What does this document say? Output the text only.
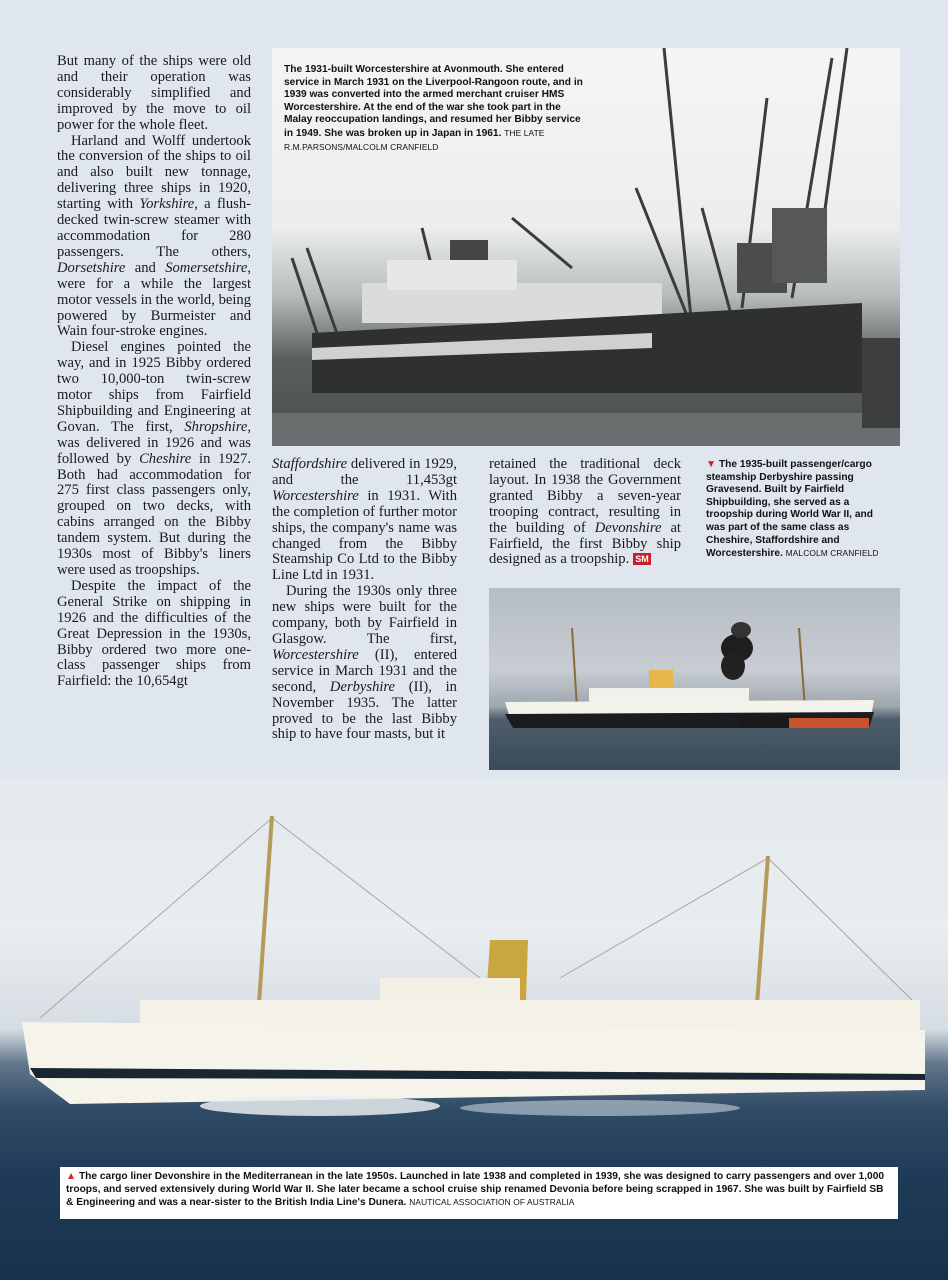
But many of the ships were old and their operation was considerably simplified and improved by the move to oil power for the whole fleet.

Harland and Wolff undertook the conversion of the ships to oil and also built new tonnage, delivering three ships in 1920, starting with Yorkshire, a flush-decked twin-screw steamer with accommodation for 280 passengers. The others, Dorsetshire and Somersetshire, were for a while the largest motor vessels in the world, being powered by Burmeister and Wain four-stroke engines.

Diesel engines pointed the way, and in 1925 Bibby ordered two 10,000-ton twin-screw motor ships from Fairfield Shipbuilding and Engineering at Govan. The first, Shropshire, was delivered in 1926 and was followed by Cheshire in 1927. Both had accommodation for 275 first class passengers only, grouped on two decks, with cabins arranged on the Bibby tandem system. But during the 1930s most of Bibby's liners were used as troopships.

Despite the impact of the General Strike on shipping in 1926 and the difficulties of the Great Depression in the 1930s, Bibby ordered two more one-class passenger ships from Fairfield: the 10,654gt

The 1931-built Worcestershire at Avonmouth. She entered service in March 1931 on the Liverpool-Rangoon route, and in 1939 was converted into the armed merchant cruiser HMS Worcestershire. At the end of the war she took part in the Malay reoccupation landings, and resumed her Bibby service in 1949. She was broken up in Japan in 1961. THE LATE R.M.PARSONS/MALCOLM CRANFIELD

Staffordshire delivered in 1929, and the 11,453gt Worcestershire in 1931. With the completion of further motor ships, the company's name was changed from the Bibby Steamship Co Ltd to the Bibby Line Ltd in 1931.

During the 1930s only three new ships were built for the company, both by Fairfield in Glasgow. The first, Worcestershire (II), entered service in March 1931 and the second, Derbyshire (II), in November 1935. The latter proved to be the last Bibby ship to have four masts, but it

retained the traditional deck layout. In 1938 the Government granted Bibby a seven-year trooping contract, resulting in the building of Devonshire at Fairfield, the first Bibby ship designed as a troopship. SM

▼ The 1935-built passenger/cargo steamship Derbyshire passing Gravesend. Built by Fairfield Shipbuilding, she served as a troopship during World War II, and was part of the same class as Cheshire, Staffordshire and Worcestershire. MALCOLM CRANFIELD
▲ The cargo liner Devonshire in the Mediterranean in the late 1950s. Launched in late 1938 and completed in 1939, she was designed to carry passengers and over 1,000 troops, and served extensively during World War II. She later became a school cruise ship renamed Devonia before being scrapped in 1967. She was built by Fairfield SB & Engineering and was a near-sister to the British India Line's Dunera. NAUTICAL ASSOCIATION OF AUSTRALIA
